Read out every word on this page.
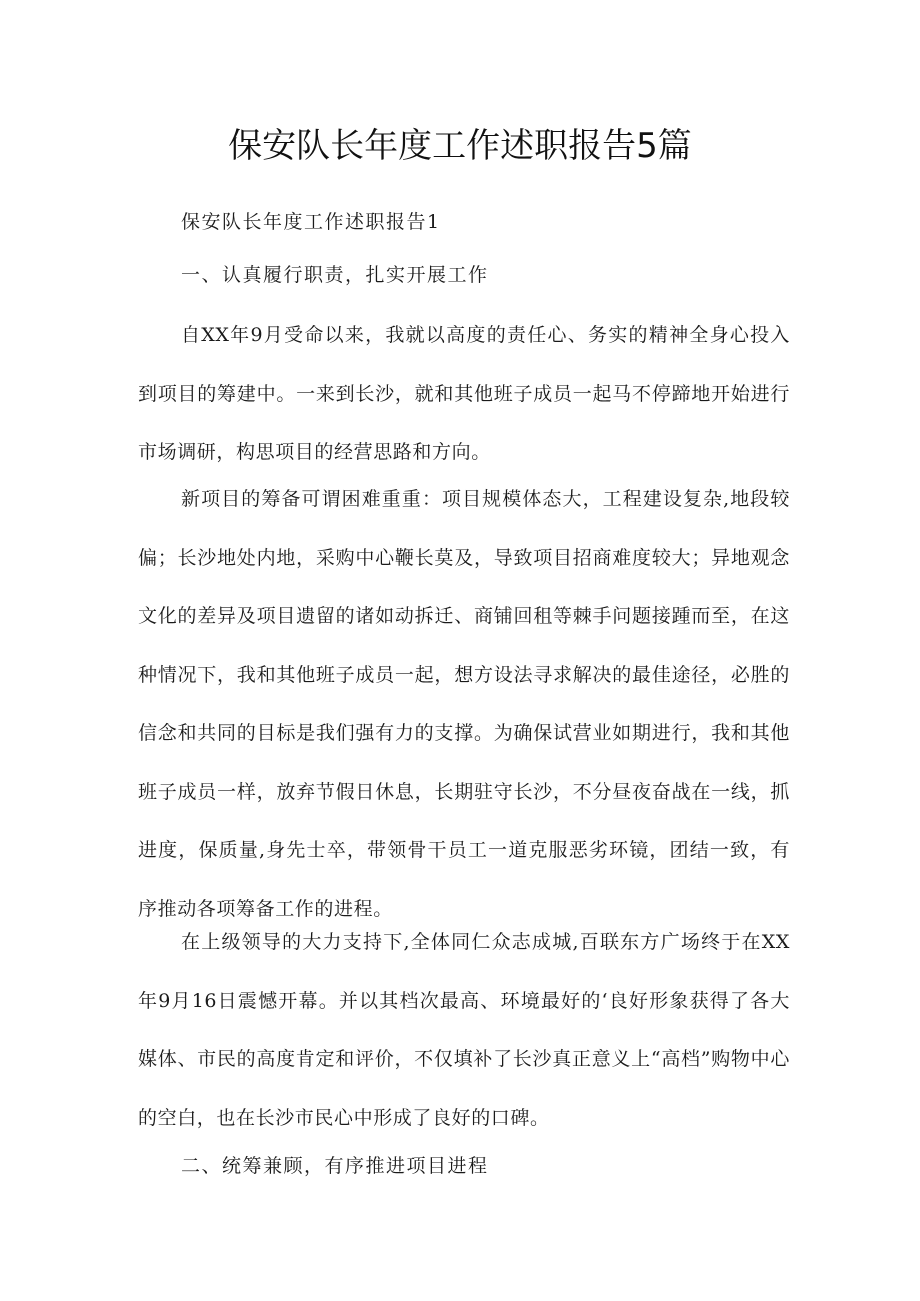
保安队长年度工作述职报告5篇
保安队长年度工作述职报告1
一、认真履行职责，扎实开展工作
自XX年9月受命以来，我就以高度的责任心、务实的精神全身心投入到项目的筹建中。一来到长沙，就和其他班子成员一起马不停蹄地开始进行市场调研，构思项目的经营思路和方向。
新项目的筹备可谓困难重重：项目规模体态大，工程建设复杂,地段较偏；长沙地处内地，采购中心鞭长莫及，导致项目招商难度较大；异地观念文化的差异及项目遗留的诸如动拆迁、商铺回租等棘手问题接踵而至，在这种情况下，我和其他班子成员一起，想方设法寻求解决的最佳途径，必胜的信念和共同的目标是我们强有力的支撑。为确保试营业如期进行，我和其他班子成员一样，放弃节假日休息，长期驻守长沙，不分昼夜奋战在一线，抓进度，保质量,身先士卒，带领骨干员工一道克服恶劣环镜，团结一致，有序推动各项筹备工作的进程。
在上级领导的大力支持下,全体同仁众志成城,百联东方广场终于在XX年9月16日震憾开幕。并以其档次最高、环境最好的‘良好形象获得了各大媒体、市民的高度肯定和评价，不仅填补了长沙真正意义上“高档”购物中心的空白，也在长沙市民心中形成了良好的口碑。
二、统筹兼顾，有序推进项目进程
